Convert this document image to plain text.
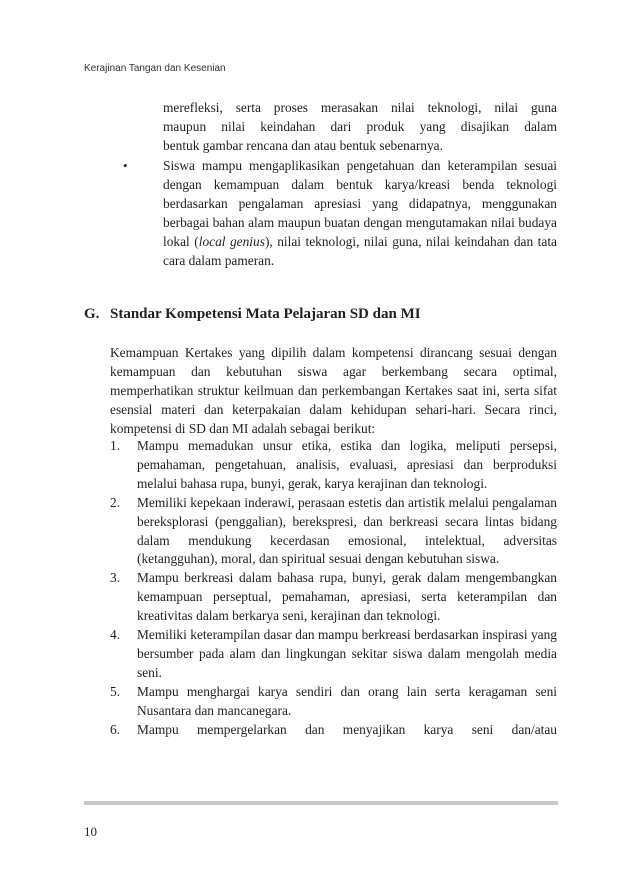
Kerajinan Tangan dan Kesenian
merefleksi, serta proses merasakan nilai teknologi, nilai guna
maupun nilai keindahan dari produk yang disajikan dalam
bentuk gambar rencana dan atau bentuk sebenarnya.
•	Siswa mampu mengaplikasikan pengetahuan dan keterampilan sesuai dengan kemampuan dalam bentuk karya/kreasi benda teknologi berdasarkan pengalaman apresiasi yang didapatnya, menggunakan berbagai bahan alam maupun buatan dengan mengutamakan nilai budaya lokal (local genius), nilai teknologi, nilai guna, nilai keindahan dan tata cara dalam pameran.

G. Standar Kompetensi Mata Pelajaran SD dan MI

Kemampuan Kertakes yang dipilih dalam kompetensi dirancang sesuai dengan kemampuan dan kebutuhan siswa agar berkembang secara optimal, memperhatikan struktur keilmuan dan perkembangan Kertakes saat ini, serta sifat esensial materi dan keterpakaian dalam kehidupan sehari-hari. Secara rinci, kompetensi di SD dan MI adalah sebagai berikut:

1. Mampu memadukan unsur etika, estika dan logika, meliputi persepsi, pemahaman, pengetahuan, analisis, evaluasi, apresiasi dan berproduksi melalui bahasa rupa, bunyi, gerak, karya kerajinan dan teknologi.
2. Memiliki kepekaan inderawi, perasaan estetis dan artistik melalui pengalaman bereksplorasi (penggalian), berekspresi, dan berkreasi secara lintas bidang dalam mendukung kecerdasan emosional, intelektual, adversitas (ketangguhan), moral, dan spiritual sesuai dengan kebutuhan siswa.
3. Mampu berkreasi dalam bahasa rupa, bunyi, gerak dalam mengembangkan kemampuan perseptual, pemahaman, apresiasi, serta keterampilan dan kreativitas dalam berkarya seni, kerajinan dan teknologi.
4. Memiliki keterampilan dasar dan mampu berkreasi berdasarkan inspirasi yang bersumber pada alam dan lingkungan sekitar siswa dalam mengolah media seni.
5. Mampu menghargai karya sendiri dan orang lain serta keragaman seni Nusantara dan mancanegara.
6. Mampu mempergelarkan dan menyajikan karya seni dan/atau
10
